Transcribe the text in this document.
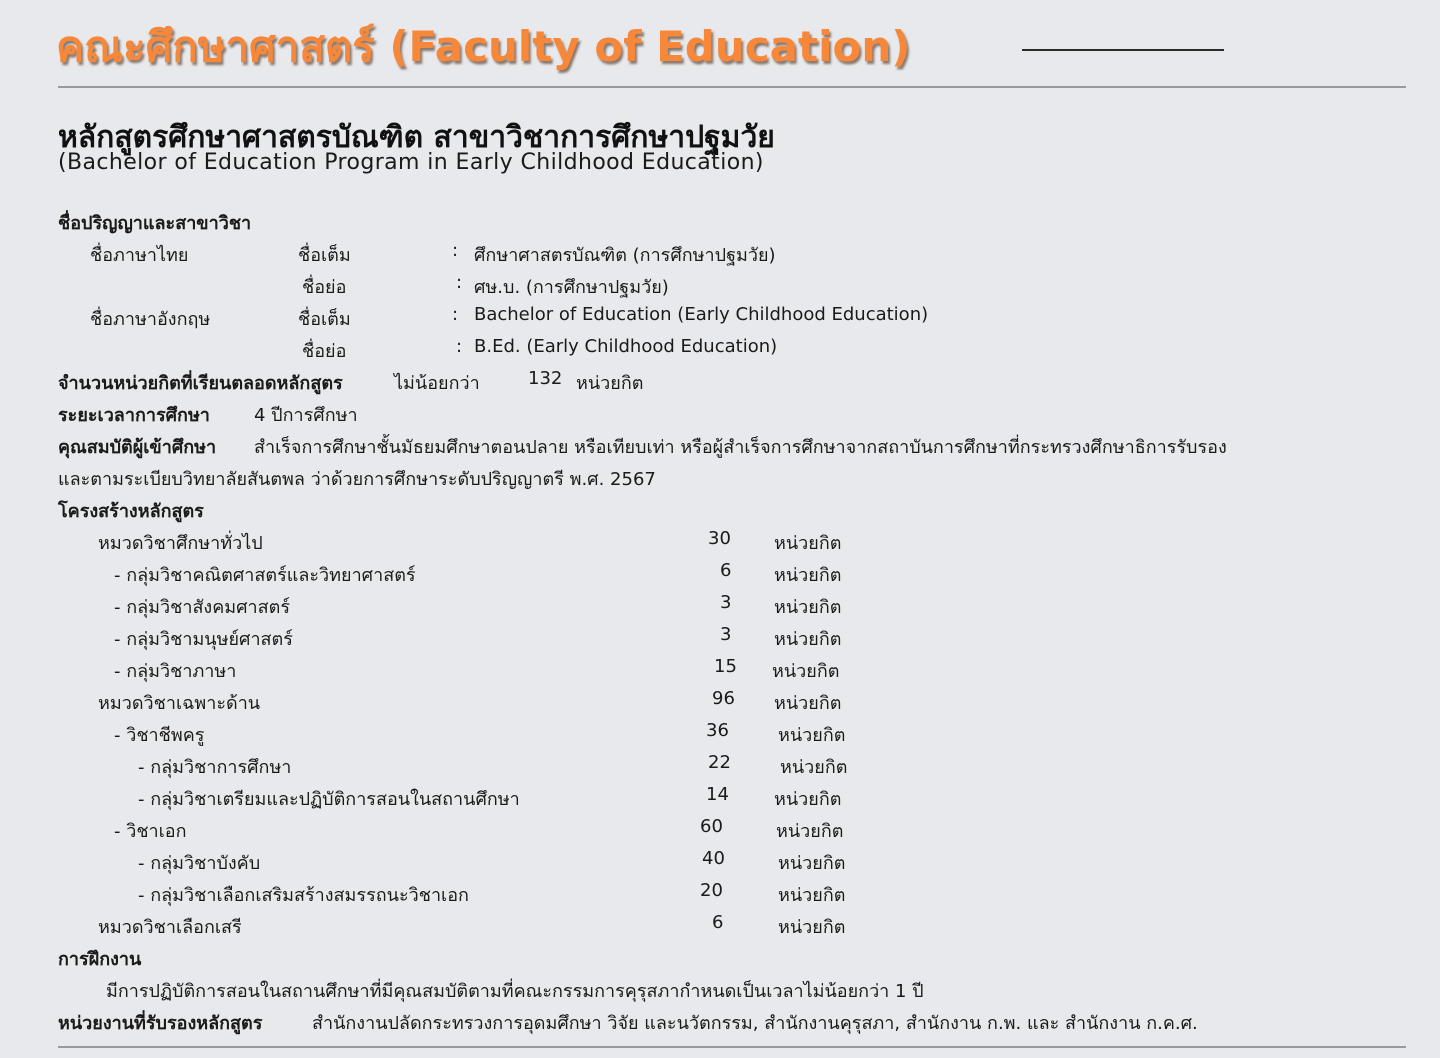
คณะศึกษาศาสตร์ (Faculty of Education)
หลักสูตรศึกษาศาสตรบัณฑิต สาขาวิชาการศึกษาปฐมวัย
(Bachelor of Education Program in Early Childhood Education)
ชื่อปริญญาและสาขาวิชา
ชื่อภาษาไทย	ชื่อเต็ม	: ศึกษาศาสตรบัณฑิต (การศึกษาปฐมวัย)
ชื่อย่อ	: ศษ.บ. (การศึกษาปฐมวัย)
ชื่อภาษาอังกฤษ	ชื่อเต็ม	: Bachelor of Education (Early Childhood Education)
ชื่อย่อ	: B.Ed. (Early Childhood Education)
จำนวนหน่วยกิตที่เรียนตลอดหลักสูตร	ไม่น้อยกว่า	132 หน่วยกิต
ระยะเวลาการศึกษา 4 ปีการศึกษา
คุณสมบัติผู้เข้าศึกษา สำเร็จการศึกษาชั้นมัธยมศึกษาตอนปลาย หรือเทียบเท่า หรือผู้สำเร็จการศึกษาจากสถาบันการศึกษาที่กระทรวงศึกษาธิการรับรอง
และตามระเบียบวิทยาลัยสันตพล ว่าด้วยการศึกษาระดับปริญญาตรี พ.ศ. 2567
โครงสร้างหลักสูตร
หมวดวิชาศึกษาทั่วไป	30 หน่วยกิต
- กลุ่มวิชาคณิตศาสตร์และวิทยาศาสตร์	6 หน่วยกิต
- กลุ่มวิชาสังคมศาสตร์	3 หน่วยกิต
- กลุ่มวิชามนุษย์ศาสตร์	3 หน่วยกิต
- กลุ่มวิชาภาษา	15 หน่วยกิต
หมวดวิชาเฉพาะด้าน	96 หน่วยกิต
- วิชาชีพครู	36	หน่วยกิต
- กลุ่มวิชาการศึกษา	22	หน่วยกิต
- กลุ่มวิชาเตรียมและปฏิบัติการสอนในสถานศึกษา	14	หน่วยกิต
- วิชาเอก	60	หน่วยกิต
- กลุ่มวิชาบังคับ	40	หน่วยกิต
- กลุ่มวิชาเลือกเสริมสร้างสมรรถนะวิชาเอก	20	หน่วยกิต
หมวดวิชาเลือกเสรี	6	หน่วยกิต
การฝึกงาน
มีการปฏิบัติการสอนในสถานศึกษาที่มีคุณสมบัติตามที่คณะกรรมการคุรุสภากำหนดเป็นเวลาไม่น้อยกว่า 1 ปี
หน่วยงานที่รับรองหลักสูตร	สำนักงานปลัดกระทรวงการอุดมศึกษา วิจัย และนวัตกรรม, สำนักงานคุรุสภา, สำนักงาน ก.พ. และ สำนักงาน ก.ค.ศ.
